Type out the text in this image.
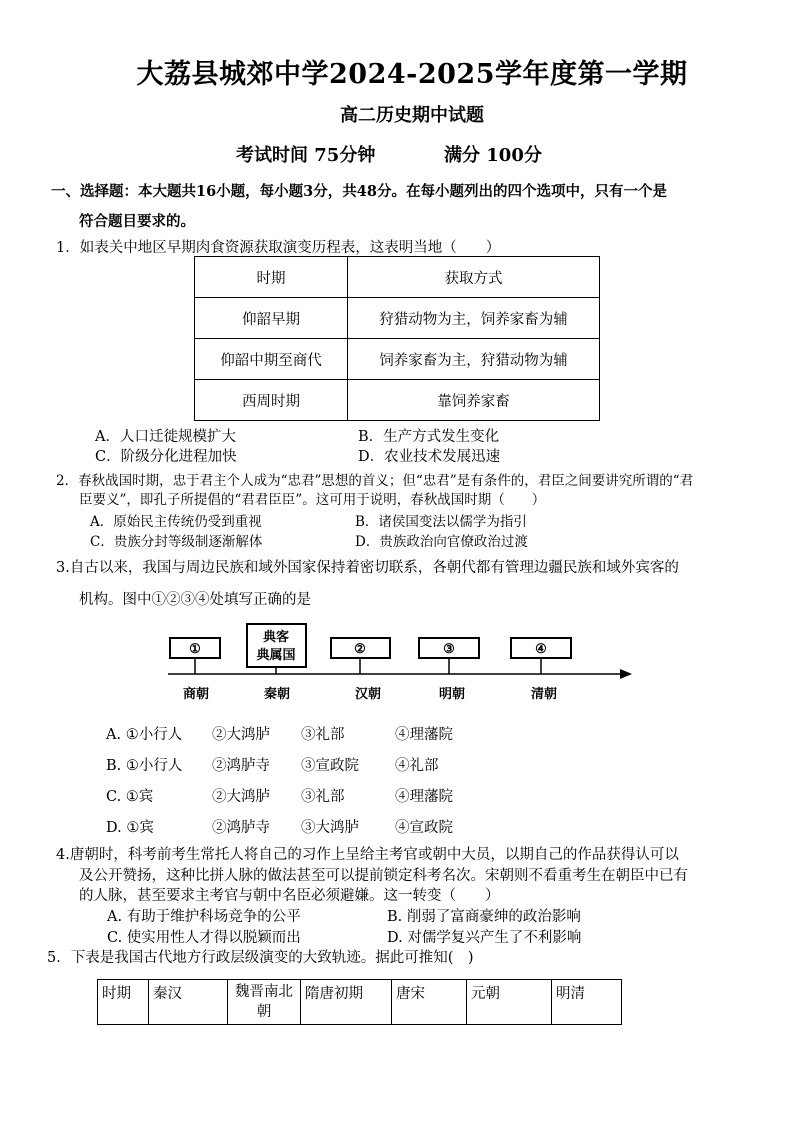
大荔县城郊中学2024-2025学年度第一学期
高二历史期中试题
考试时间 75分钟	满分 100分
一、选择题：本大题共16小题，每小题3分，共48分。在每小题列出的四个选项中，只有一个是
符合题目要求的。
1．如表关中地区早期肉食资源获取演变历程表，这表明当地（　　）
时期	获取方式
仰韶早期	狩猎动物为主，饲养家畜为辅
仰韶中期至商代	饲养家畜为主，狩猎动物为辅
西周时期	靠饲养家畜
A．人口迁徙规模扩大	B．生产方式发生变化
C．阶级分化进程加快	D．农业技术发展迅速
2．春秋战国时期，忠于君主个人成为“忠君”思想的首义；但“忠君”是有条件的，君臣之间要讲究所谓的“君
臣要义”，即孔子所提倡的“君君臣臣”。这可用于说明，春秋战国时期（　　）
A．原始民主传统仍受到重视	B．诸侯国变法以儒学为指引
C．贵族分封等级制逐渐解体	D．贵族政治向官僚政治过渡
3.自古以来，我国与周边民族和域外国家保持着密切联系，各朝代都有管理边疆民族和域外宾客的
机构。图中①②③④处填写正确的是
①
典客
典属国	②	③	④
商朝	秦朝	汉朝	明朝	清朝
A. ①小行人 ②大鸿胪 ③礼部	④理藩院
B. ①小行人 ②鸿胪寺 ③宣政院 ④礼部
C. ①宾	②大鸿胪 ③礼部	④理藩院
D. ①宾	②鸿胪寺 ③大鸿胪 ④宣政院
4.唐朝时，科考前考生常托人将自己的习作上呈给主考官或朝中大员，以期自己的作品获得认可以
及公开赞扬，这种比拼人脉的做法甚至可以提前锁定科考名次。宋朝则不看重考生在朝臣中已有
的人脉，甚至要求主考官与朝中名臣必须避嫌。这一转变（　　）
A. 有助于维护科场竞争的公平	B. 削弱了富商豪绅的政治影响
C. 使实用性人才得以脱颖而出	D. 对儒学复兴产生了不利影响
5．下表是我国古代地方行政层级演变的大致轨迹。据此可推知(　)
时期	秦汉	魏晋南北朝	隋唐初期	唐宋	元朝	明清
